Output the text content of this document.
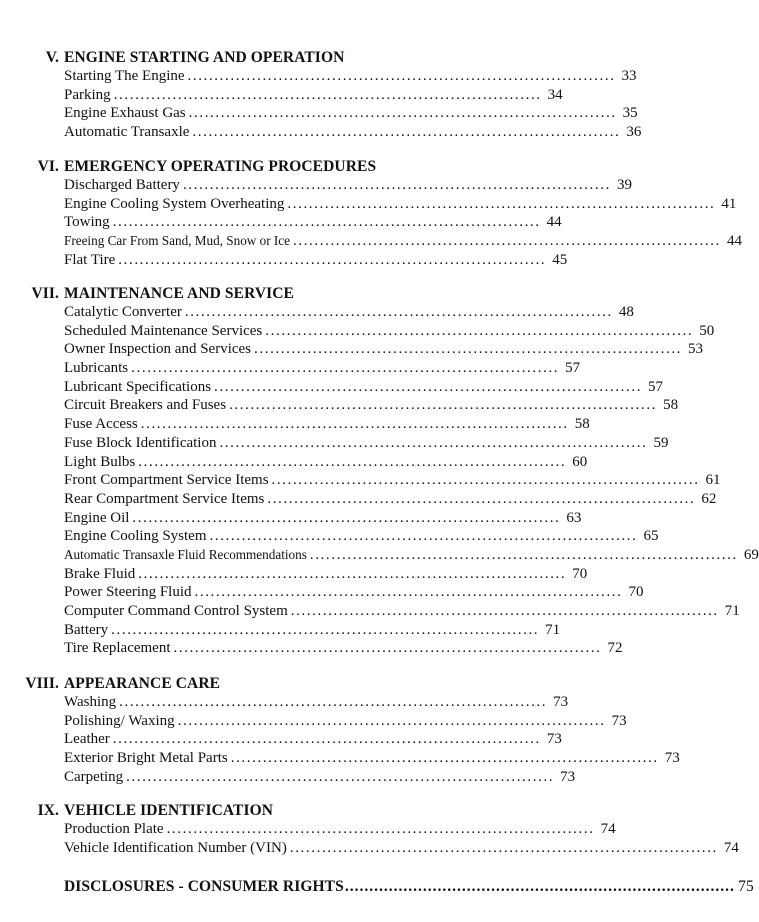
V. ENGINE STARTING AND OPERATION
Starting The Engine ................................................................................ 33
Parking ................................................................................ 34
Engine Exhaust Gas ................................................................................ 35
Automatic Transaxle ................................................................................ 36
VI. EMERGENCY OPERATING PROCEDURES
Discharged Battery ................................................................................ 39
Engine Cooling System Overheating ................................................................................ 41
Towing ................................................................................ 44
Freeing Car From Sand, Mud, Snow or Ice ................................................................................ 44
Flat Tire ................................................................................ 45
VII. MAINTENANCE AND SERVICE
Catalytic Converter ................................................................................ 48
Scheduled Maintenance Services ................................................................................ 50
Owner Inspection and Services ................................................................................ 53
Lubricants ................................................................................ 57
Lubricant Specifications ................................................................................ 57
Circuit Breakers and Fuses ................................................................................ 58
Fuse Access ................................................................................ 58
Fuse Block Identification ................................................................................ 59
Light Bulbs ................................................................................ 60
Front Compartment Service Items ................................................................................ 61
Rear Compartment Service Items ................................................................................ 62
Engine Oil ................................................................................ 63
Engine Cooling System ................................................................................ 65
Automatic Transaxle Fluid Recommendations ................................................................................ 69
Brake Fluid ................................................................................ 70
Power Steering Fluid ................................................................................ 70
Computer Command Control System ................................................................................ 71
Battery ................................................................................ 71
Tire Replacement ................................................................................ 72
VIII. APPEARANCE CARE
Washing ................................................................................ 73
Polishing/ Waxing ................................................................................ 73
Leather ................................................................................ 73
Exterior Bright Metal Parts ................................................................................ 73
Carpeting ................................................................................ 73
IX. VEHICLE IDENTIFICATION
Production Plate ................................................................................ 74
Vehicle Identification Number (VIN) ................................................................................ 74
DISCLOSURES - CONSUMER RIGHTS ................................................................................ 75
